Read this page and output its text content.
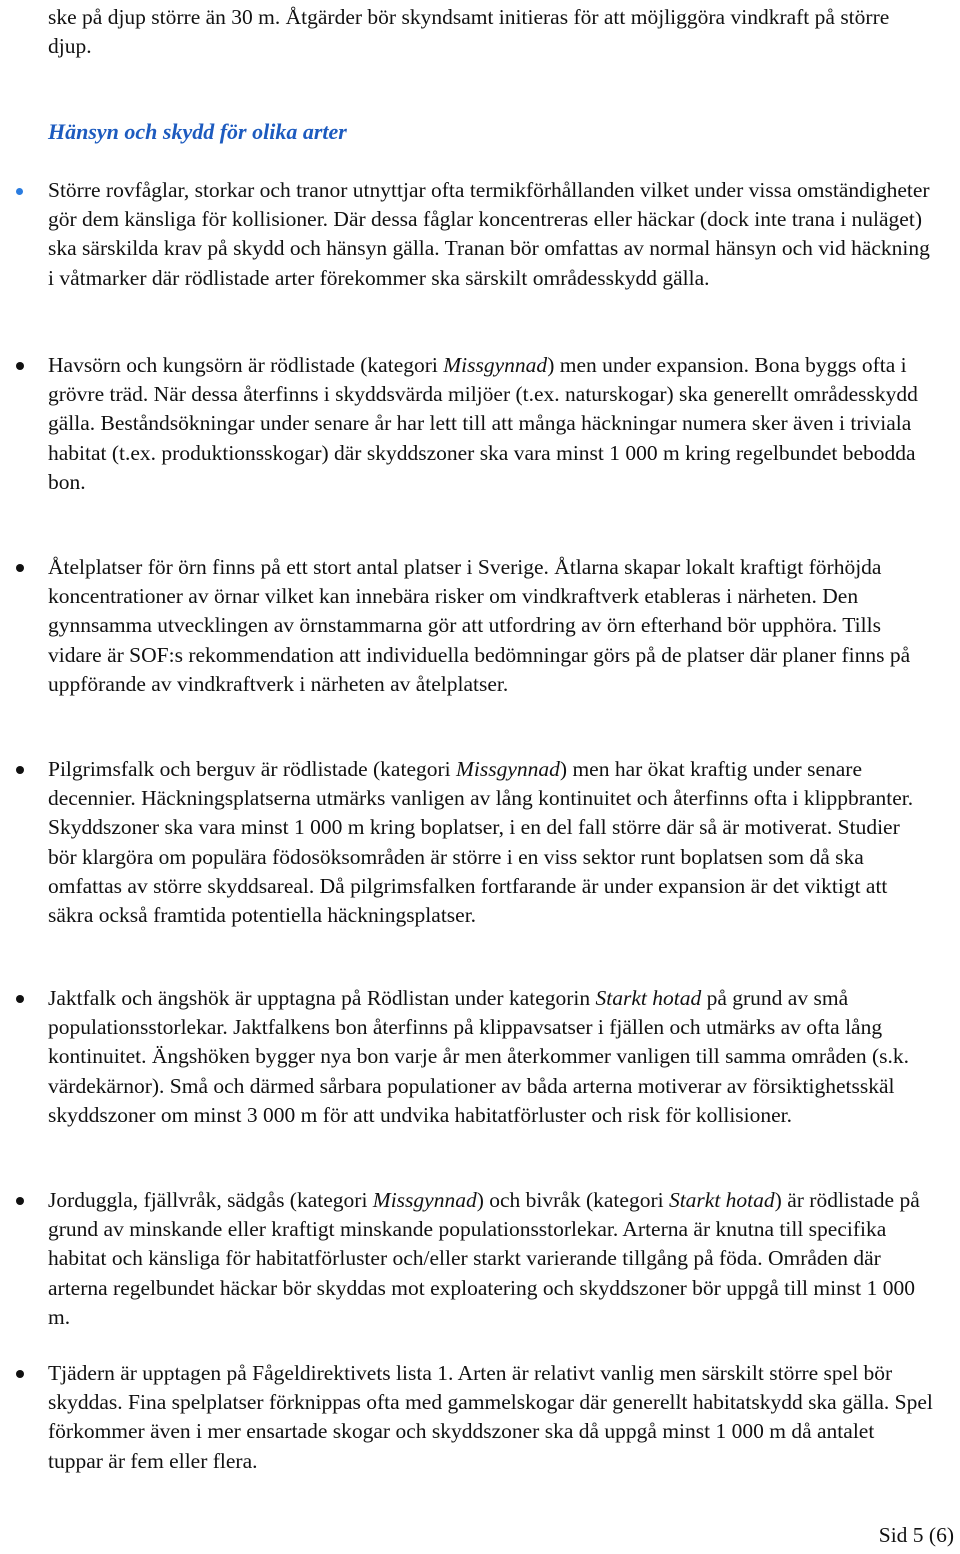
ske på djup större än 30 m. Åtgärder bör skyndsamt initieras för att möjliggöra vindkraft på större djup.

Hänsyn och skydd för olika arter

Större rovfåglar, storkar och tranor utnyttjar ofta termikförhållanden vilket under vissa omständigheter gör dem känsliga för kollisioner. Där dessa fåglar koncentreras eller häckar (dock inte trana i nuläget) ska särskilda krav på skydd och hänsyn gälla. Tranan bör omfattas av normal hänsyn och vid häckning i våtmarker där rödlistade arter förekommer ska särskilt områdesskydd gälla.

Havsörn och kungsörn är rödlistade (kategori Missgynnad) men under expansion. Bona byggs ofta i grövre träd. När dessa återfinns i skyddsvärda miljöer (t.ex. naturskogar) ska generellt områdesskydd gälla. Beståndsökningar under senare år har lett till att många häckningar numera sker även i triviala habitat (t.ex. produktionsskogar) där skyddszoner ska vara minst 1 000 m kring regelbundet bebodda bon.

Åtelplatser för örn finns på ett stort antal platser i Sverige. Åtlarna skapar lokalt kraftigt förhöjda koncentrationer av örnar vilket kan innebära risker om vindkraftverk etableras i närheten. Den gynnsamma utvecklingen av örnstammarna gör att utfordring av örn efterhand bör upphöra. Tills vidare är SOF:s rekommendation att individuella bedömningar görs på de platser där planer finns på uppförande av vindkraftverk i närheten av åtelplatser.

Pilgrimsfalk och berguv är rödlistade (kategori Missgynnad) men har ökat kraftig under senare decennier. Häckningsplatserna utmärks vanligen av lång kontinuitet och återfinns ofta i klippbranter. Skyddszoner ska vara minst 1 000 m kring boplatser, i en del fall större där så är motiverat. Studier bör klargöra om populära födosöksområden är större i en viss sektor runt boplatsen som då ska omfattas av större skyddsareal. Då pilgrimsfalken fortfarande är under expansion är det viktigt att säkra också framtida potentiella häckningsplatser.

Jaktfalk och ängshök är upptagna på Rödlistan under kategorin Starkt hotad på grund av små populationsstorlekar. Jaktfalkens bon återfinns på klippavsatser i fjällen och utmärks av ofta lång kontinuitet. Ängshöken bygger nya bon varje år men återkommer vanligen till samma områden (s.k. värdekärnor). Små och därmed sårbara populationer av båda arterna motiverar av försiktighetsskäl skyddszoner om minst 3 000 m för att undvika habitatförluster och risk för kollisioner.

Jorduggla, fjällvråk, sädgås (kategori Missgynnad) och bivråk (kategori Starkt hotad) är rödlistade på grund av minskande eller kraftigt minskande populationsstorlekar. Arterna är knutna till specifika habitat och känsliga för habitatförluster och/eller starkt varierande tillgång på föda. Områden där arterna regelbundet häckar bör skyddas mot exploatering och skyddszoner bör uppgå till minst 1 000 m.

Tjädern är upptagen på Fågeldirektivets lista 1. Arten är relativt vanlig men särskilt större spel bör skyddas. Fina spelplatser förknippas ofta med gammelskogar där generellt habitatskydd ska gälla. Spel förkommer även i mer ensartade skogar och skyddszoner ska då uppgå minst 1 000 m då antalet tuppar är fem eller flera.

Sid 5 (6)
